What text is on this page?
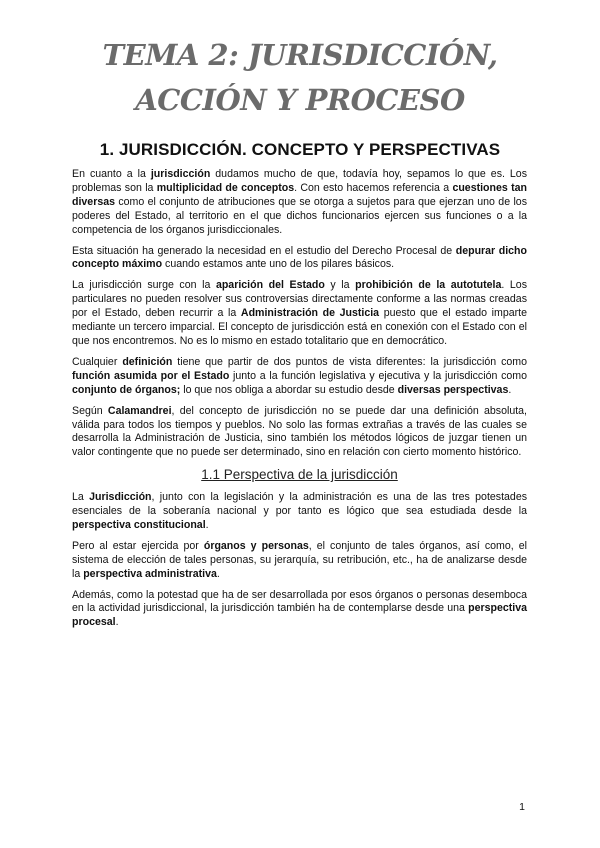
TEMA 2: JURISDICCIÓN,
ACCIÓN Y PROCESO
1. JURISDICCIÓN. CONCEPTO Y PERSPECTIVAS

En cuanto a la jurisdicción dudamos mucho de que, todavía hoy, sepamos lo que es. Los problemas son la multiplicidad de conceptos. Con esto hacemos referencia a cuestiones tan diversas como el conjunto de atribuciones que se otorga a sujetos para que ejerzan uno de los poderes del Estado, al territorio en el que dichos funcionarios ejercen sus funciones o a la competencia de los órganos jurisdiccionales.

Esta situación ha generado la necesidad en el estudio del Derecho Procesal de depurar dicho concepto máximo cuando estamos ante uno de los pilares básicos.

La jurisdicción surge con la aparición del Estado y la prohibición de la autotutela. Los particulares no pueden resolver sus controversias directamente conforme a las normas creadas por el Estado, deben recurrir a la Administración de Justicia puesto que el estado imparte mediante un tercero imparcial. El concepto de jurisdicción está en conexión con el Estado con el que nos encontremos. No es lo mismo en estado totalitario que en democrático.

Cualquier definición tiene que partir de dos puntos de vista diferentes: la jurisdicción como función asumida por el Estado junto a la función legislativa y ejecutiva y la jurisdicción como conjunto de órganos; lo que nos obliga a abordar su estudio desde diversas perspectivas.

Según Calamandrei, del concepto de jurisdicción no se puede dar una definición absoluta, válida para todos los tiempos y pueblos. No solo las formas extrañas a través de las cuales se desarrolla la Administración de Justicia, sino también los métodos lógicos de juzgar tienen un valor contingente que no puede ser determinado, sino en relación con cierto momento histórico.

1.1 Perspectiva de la jurisdicción

La Jurisdicción, junto con la legislación y la administración es una de las tres potestades esenciales de la soberanía nacional y por tanto es lógico que sea estudiada desde la perspectiva constitucional.

Pero al estar ejercida por órganos y personas, el conjunto de tales órganos, así como, el sistema de elección de tales personas, su jerarquía, su retribución, etc., ha de analizarse desde la perspectiva administrativa.

Además, como la potestad que ha de ser desarrollada por esos órganos o personas desemboca en la actividad jurisdiccional, la jurisdicción también ha de contemplarse desde una perspectiva procesal.

1
